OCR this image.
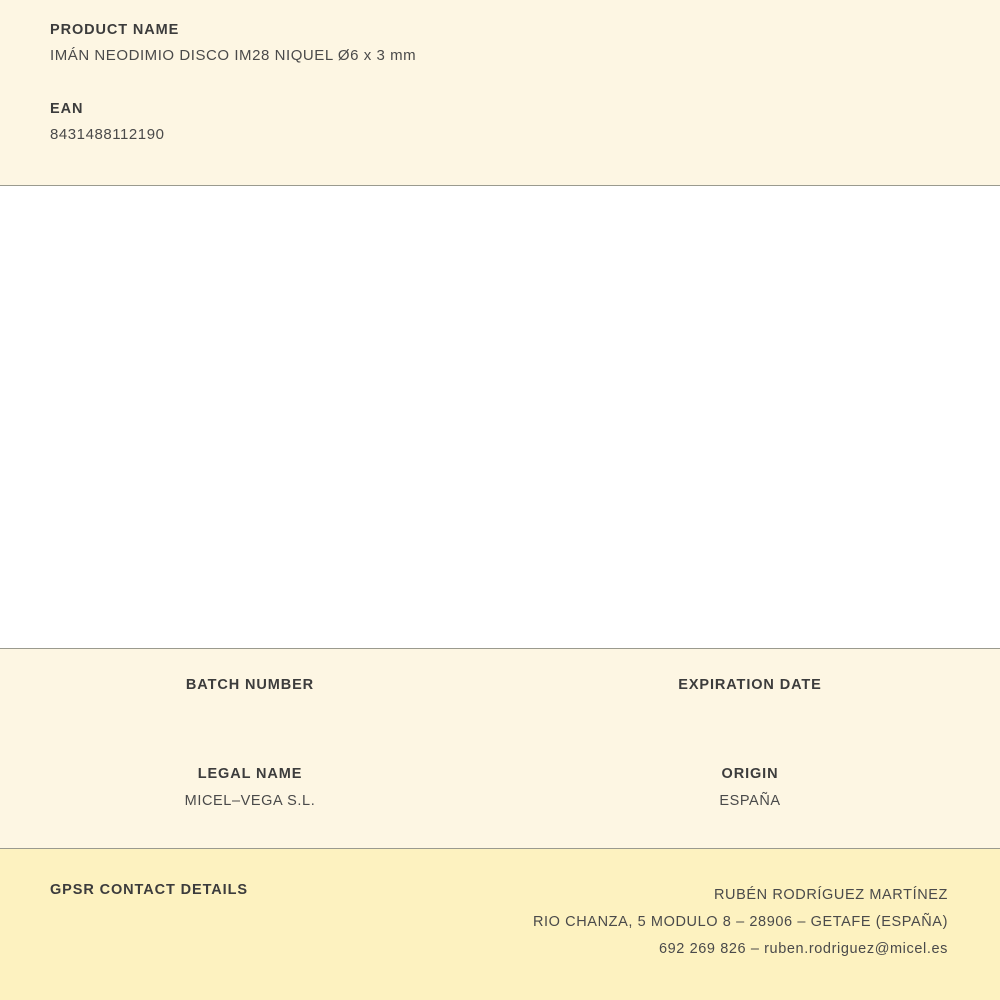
PRODUCT NAME

IMÁN NEODIMIO DISCO IM28 NIQUEL Ø6 x 3 mm

EAN

8431488112190

BATCH NUMBER	EXPIRATION DATE

LEGAL NAME

MICEL–VEGA S.L.

ORIGIN

ESPAÑA

GPSR CONTACT DETAILS	RUBÉN RODRÍGUEZ MARTÍNEZ
RIO CHANZA, 5 MODULO 8 – 28906 – GETAFE (ESPAÑA)
692 269 826 – ruben.rodriguez@micel.es
